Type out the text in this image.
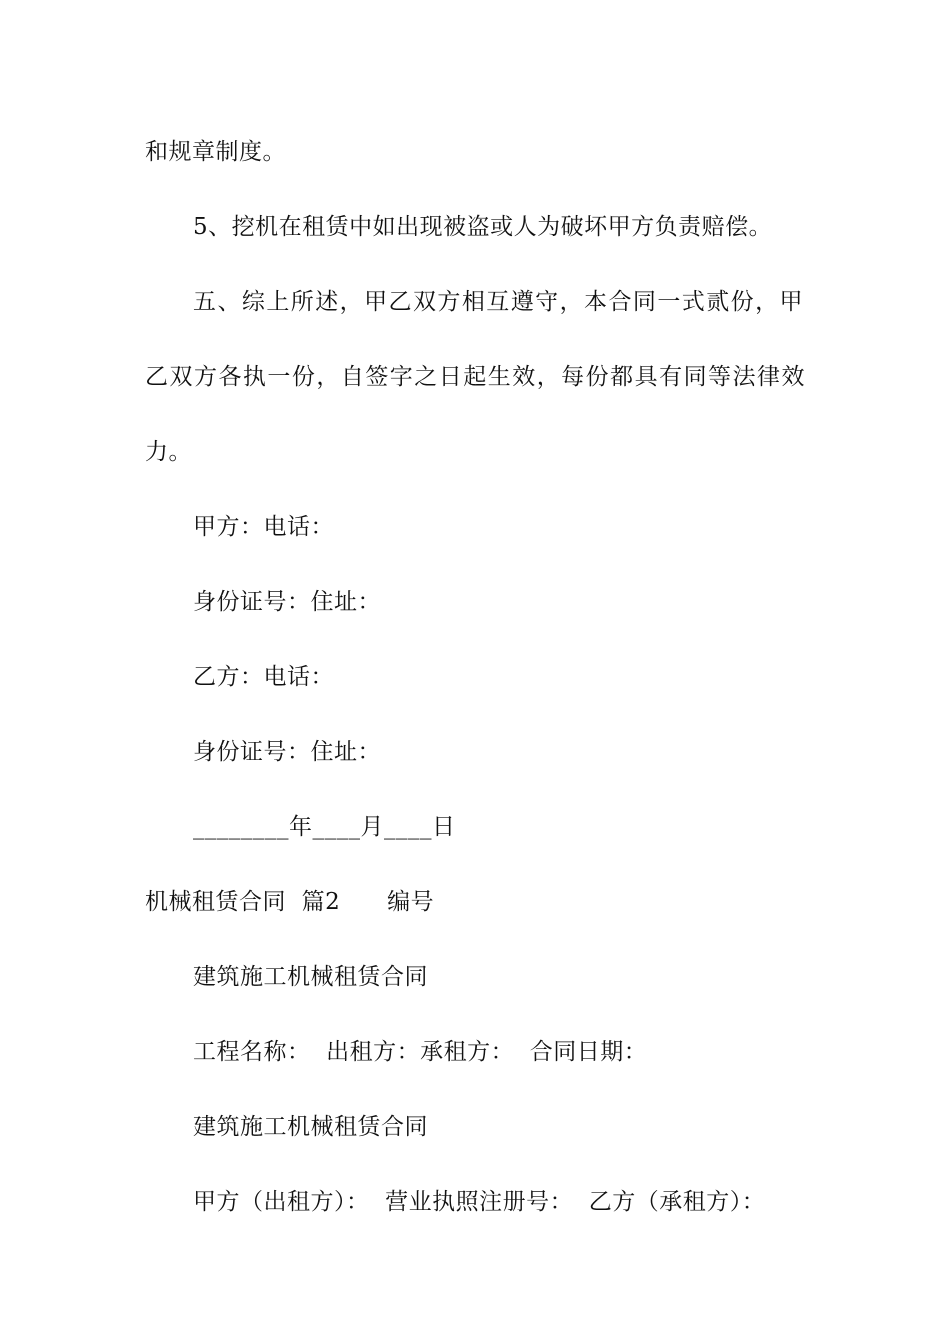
和规章制度。
5、挖机在租赁中如出现被盗或人为破坏甲方负责赔偿。
五、综上所述，甲乙双方相互遵守，本合同一式贰份，甲
乙双方各执一份，自签字之日起生效，每份都具有同等法律效
力。
甲方：电话：
身份证号：住址：
乙方：电话：
身份证号：住址：
________年____月____日
机械租赁合同  篇2      编号
建筑施工机械租赁合同
工程名称：  出租方：承租方：  合同日期：
建筑施工机械租赁合同
甲方（出租方）：  营业执照注册号：  乙方（承租方）：
